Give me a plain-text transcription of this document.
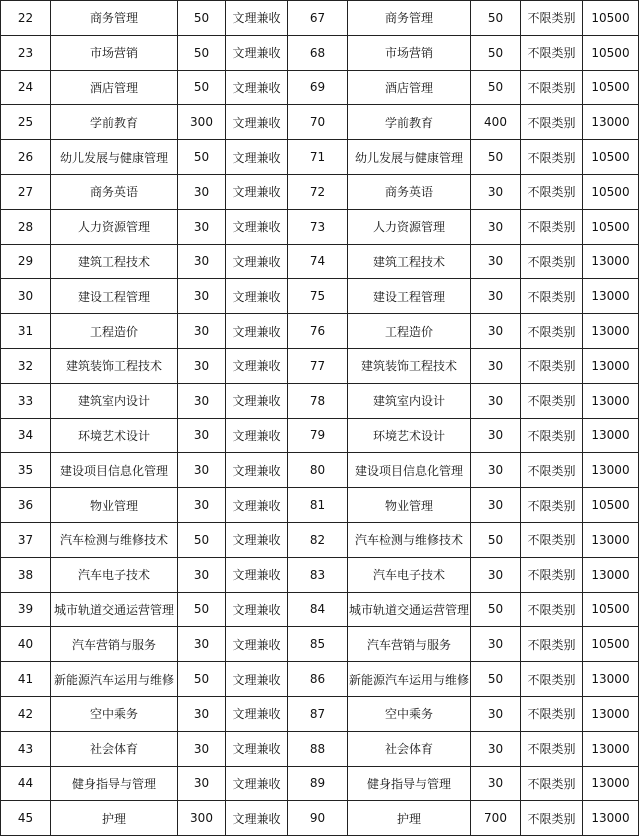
22	商务管理	50	文理兼收	67	商务管理	50	不限类别	10500
23	市场营销	50	文理兼收	68	市场营销	50	不限类别	10500
24	酒店管理	50	文理兼收	69	酒店管理	50	不限类别	10500
25	学前教育	300	文理兼收	70	学前教育	400	不限类别	13000
26	幼儿发展与健康管理	50	文理兼收	71	幼儿发展与健康管理	50	不限类别	10500
27	商务英语	30	文理兼收	72	商务英语	30	不限类别	10500
28	人力资源管理	30	文理兼收	73	人力资源管理	30	不限类别	10500
29	建筑工程技术	30	文理兼收	74	建筑工程技术	30	不限类别	13000
30	建设工程管理	30	文理兼收	75	建设工程管理	30	不限类别	13000
31	工程造价	30	文理兼收	76	工程造价	30	不限类别	13000
32	建筑装饰工程技术	30	文理兼收	77	建筑装饰工程技术	30	不限类别	13000
33	建筑室内设计	30	文理兼收	78	建筑室内设计	30	不限类别	13000
34	环境艺术设计	30	文理兼收	79	环境艺术设计	30	不限类别	13000
35	建设项目信息化管理	30	文理兼收	80	建设项目信息化管理	30	不限类别	13000
36	物业管理	30	文理兼收	81	物业管理	30	不限类别	10500
37	汽车检测与维修技术	50	文理兼收	82	汽车检测与维修技术	50	不限类别	13000
38	汽车电子技术	30	文理兼收	83	汽车电子技术	30	不限类别	13000
39	城市轨道交通运营管理	50	文理兼收	84	城市轨道交通运营管理	50	不限类别	10500
40	汽车营销与服务	30	文理兼收	85	汽车营销与服务	30	不限类别	10500
41	新能源汽车运用与维修	50	文理兼收	86	新能源汽车运用与维修	50	不限类别	13000
42	空中乘务	30	文理兼收	87	空中乘务	30	不限类别	13000
43	社会体育	30	文理兼收	88	社会体育	30	不限类别	13000
44	健身指导与管理	30	文理兼收	89	健身指导与管理	30	不限类别	13000
45	护理	300	文理兼收	90	护理	700	不限类别	13000
